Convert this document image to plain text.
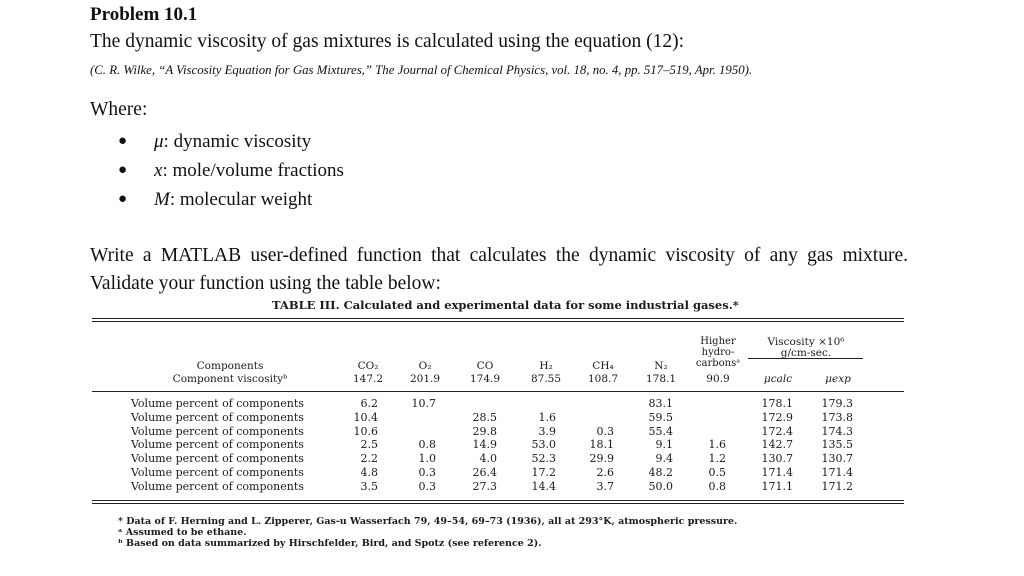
Problem 10.1
The dynamic viscosity of gas mixtures is calculated using the equation (12):
(C. R. Wilke, “A Viscosity Equation for Gas Mixtures,” The Journal of Chemical Physics, vol. 18, no. 4, pp. 517–519, Apr. 1950).
Where:
● μ: dynamic viscosity
● x: mole/volume fractions
● M: molecular weight
Write a MATLAB user-defined function that calculates the dynamic viscosity of any gas mixture. Validate your function using the table below:
TABLE III. Calculated and experimental data for some industrial gases.*
Components
Component viscosityᵇ
CO₂
147.2
O₂
201.9
CO
174.9
H₂
87.55
CH₄
108.7
N₂
178.1
Higher hydro- carbonsᵃ
90.9
Viscosity ×10⁶
g/cm-sec.
μcalc	μexp
Volume percent of components
Volume percent of components
Volume percent of components
Volume percent of components
Volume percent of components
Volume percent of components
Volume percent of components
6.2
10.4
10.6
2.5
2.2
4.8
3.5
10.7

0.8
1.0
0.3
0.3

28.5
29.8
14.9
4.0
26.4
27.3

1.6
3.9
53.0
52.3
17.2
14.4

0.3
18.1
29.9
2.6
3.7
83.1
59.5
55.4
9.1
9.4
48.2
50.0

1.6
1.2
0.5
0.8
178.1
172.9
172.4
142.7
130.7
171.4
171.1
179.3
173.8
174.3
135.5
130.7
171.4
171.2
* Data of F. Herning and L. Zipperer, Gas-u Wasserfach 79, 49–54, 69–73 (1936), all at 293°K, atmospheric pressure.
ᵃ Assumed to be ethane.
ᵇ Based on data summarized by Hirschfelder, Bird, and Spotz (see reference 2).
